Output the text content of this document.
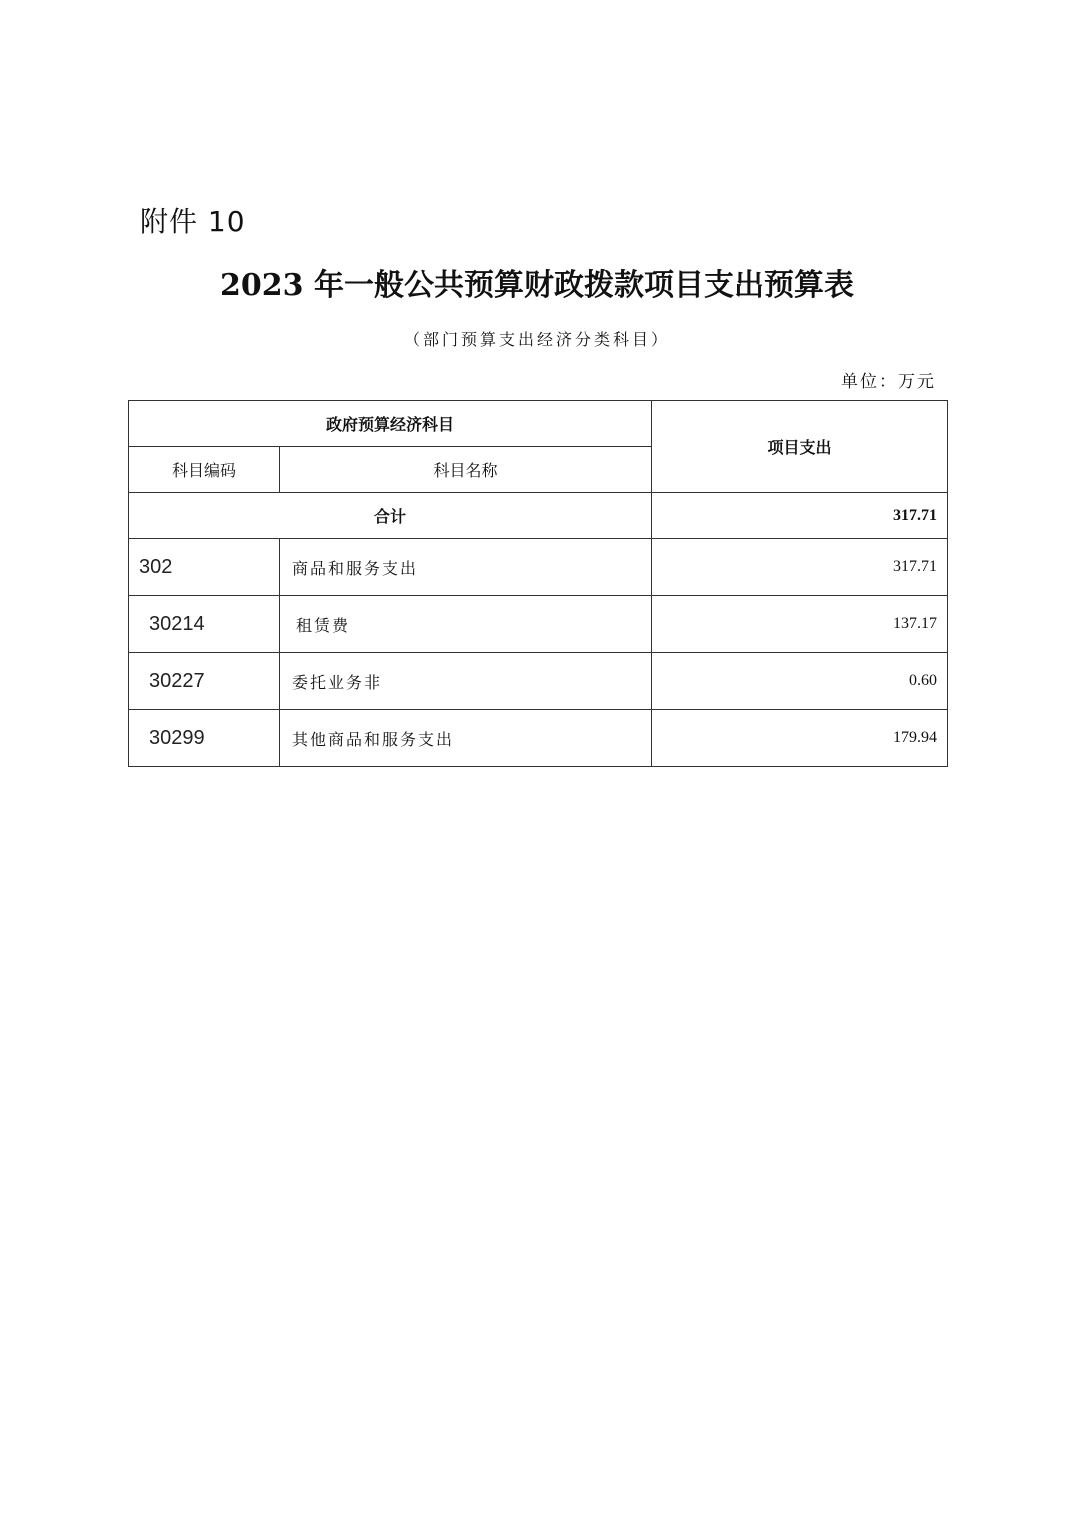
附件 10
2023 年一般公共预算财政拨款项目支出预算表
（部门预算支出经济分类科目）
单位：万元
政府预算经济科目		项目支出
科目编码	科目名称	
合计		317.71
302	商品和服务支出	317.71
30214	租赁费	137.17
30227	委托业务非	0.60
30299	其他商品和服务支出	179.94
